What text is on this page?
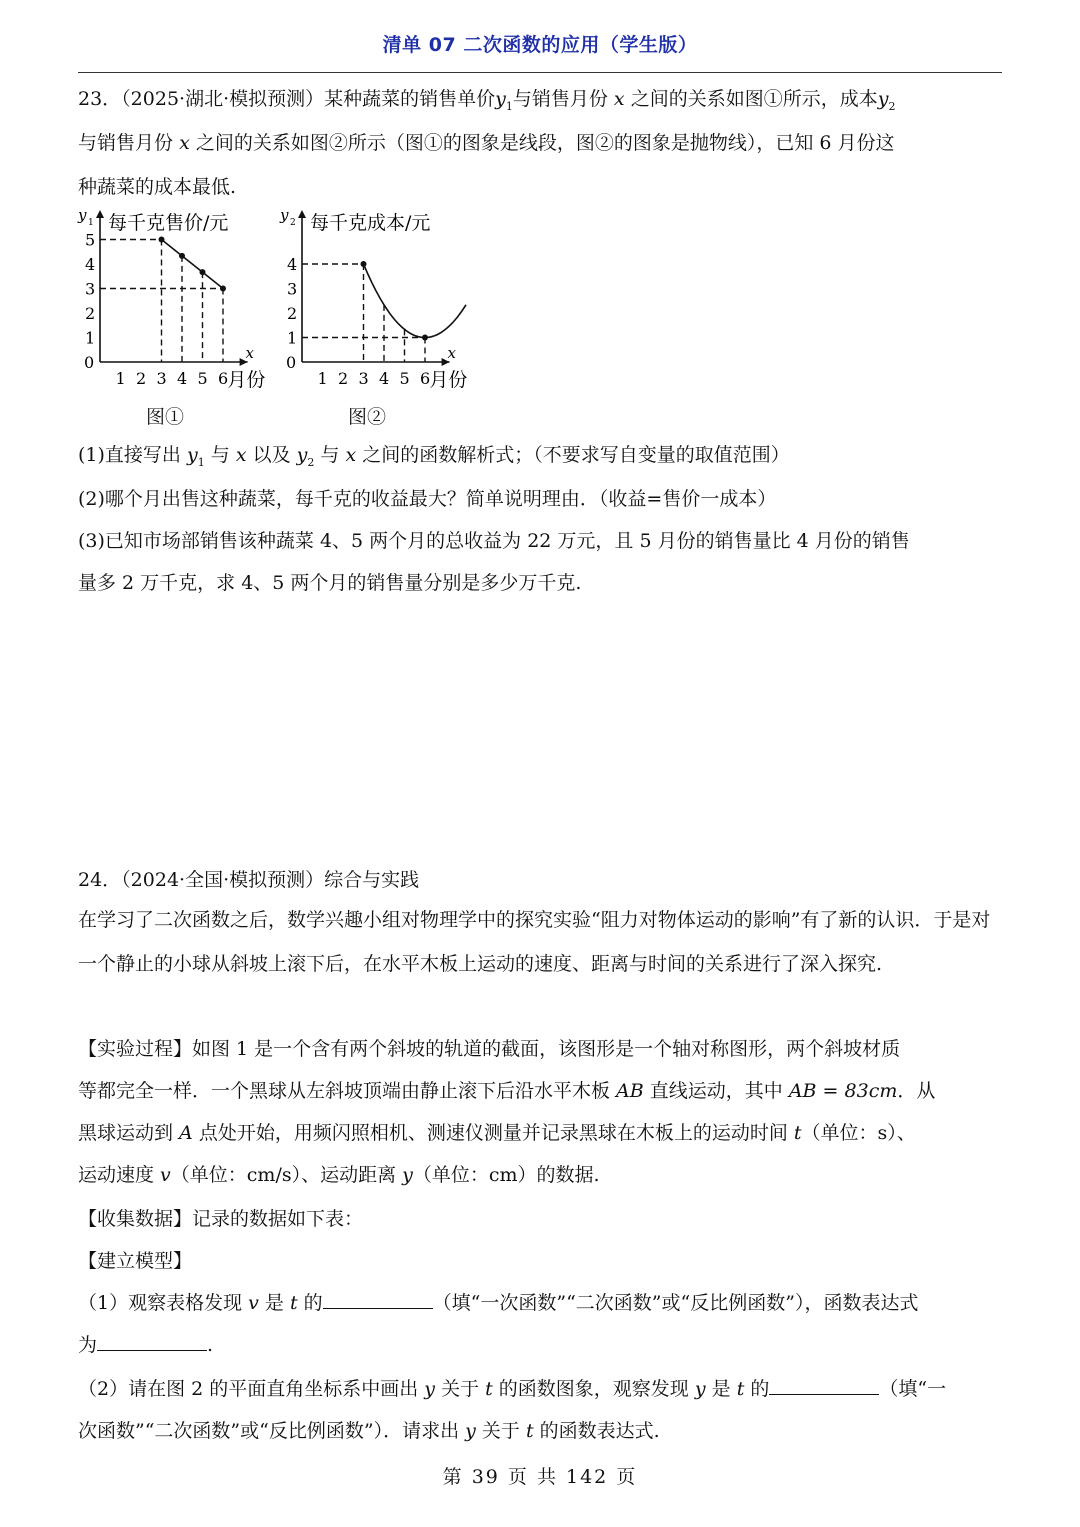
清单 07 二次函数的应用（学生版）
23．（2025·湖北·模拟预测）某种蔬菜的销售单价$y_1$与销售月份 x 之间的关系如图①所示，成本$y_2$
与销售月份 x 之间的关系如图②所示（图①的图象是线段，图②的图象是抛物线），已知 6 月份这
种蔬菜的成本最低.
y 1 每千克售价/元
x
月份
0
1 2 3 4 5 6
1
2
3
4
5
图①
y 2 每千克成本/元
x
月份
0
1 2 3 4 5 6
1
2
3
4
图②
(1)直接写出 $y_1$ 与 x 以及 $y_2$ 与 x 之间的函数解析式；（不要求写自变量的取值范围）
(2)哪个月出售这种蔬菜，每千克的收益最大？简单说明理由．（收益=售价一成本）
(3)已知市场部销售该种蔬菜 4、5 两个月的总收益为 22 万元，且 5 月份的销售量比 4 月份的销售
量多 2 万千克，求 4、5 两个月的销售量分别是多少万千克.
24．（2024·全国·模拟预测）综合与实践

在学习了二次函数之后，数学兴趣小组对物理学中的探究实验“阻力对物体运动的影响”有了新的认识．于是对一个静止的小球从斜坡上滚下后，在水平木板上运动的速度、距离与时间的关系进行了深入探究.

【实验过程】如图 1 是一个含有两个斜坡的轨道的截面，该图形是一个轴对称图形，两个斜坡材质
等都完全一样．一个黑球从左斜坡顶端由静止滚下后沿水平木板 AB 直线运动，其中 AB = 83cm．从
黑球运动到 A 点处开始，用频闪照相机、测速仪测量并记录黑球在木板上的运动时间 t（单位：s）、
运动速度 v（单位：cm/s）、运动距离 y（单位：cm）的数据.
【收集数据】记录的数据如下表：
【建立模型】
（1）观察表格发现 v 是 t 的	（填“一次函数”“二次函数”或“反比例函数”），函数表达式
为	.
（2）请在图 2 的平面直角坐标系中画出 y 关于 t 的函数图象，观察发现 y 是 t 的	（填“一
次函数”“二次函数”或“反比例函数”）．请求出 y 关于 t 的函数表达式.
第 39 页 共 142 页
